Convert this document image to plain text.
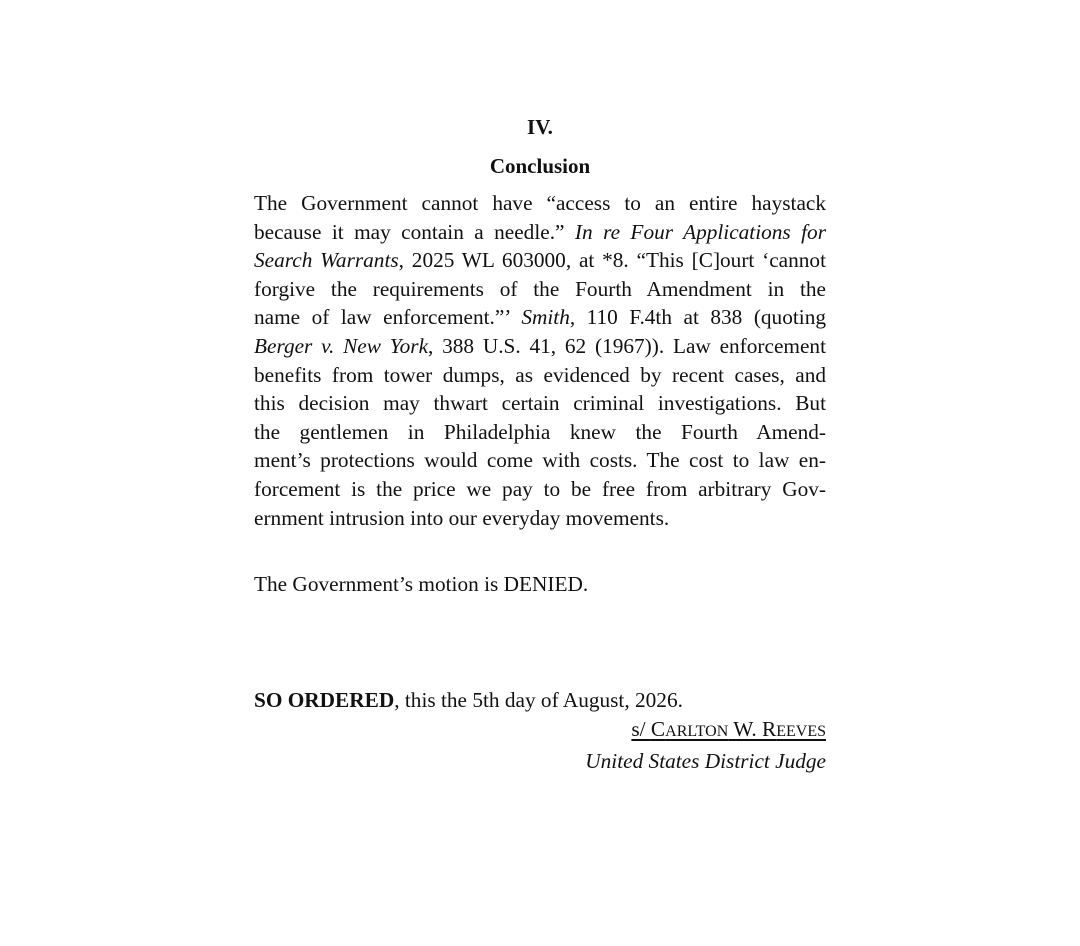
IV.

Conclusion

The Government cannot have “access to an entire haystack
because it may contain a needle.” In re Four Applications for
Search Warrants, 2025 WL 603000, at *8. “This [C]ourt ‘cannot
forgive the requirements of the Fourth Amendment in the
name of law enforcement.”’ Smith, 110 F.4th at 838 (quoting
Berger v. New York, 388 U.S. 41, 62 (1967)). Law enforcement
benefits from tower dumps, as evidenced by recent cases, and
this decision may thwart certain criminal investigations. But
the gentlemen in Philadelphia knew the Fourth Amend-
ment’s protections would come with costs. The cost to law en-
forcement is the price we pay to be free from arbitrary Gov-
ernment intrusion into our everyday movements.
The Government’s motion is DENIED.
SO ORDERED, this the 5th day of August, 2026.
s/ CARLTON W. REEVES
United States District Judge
